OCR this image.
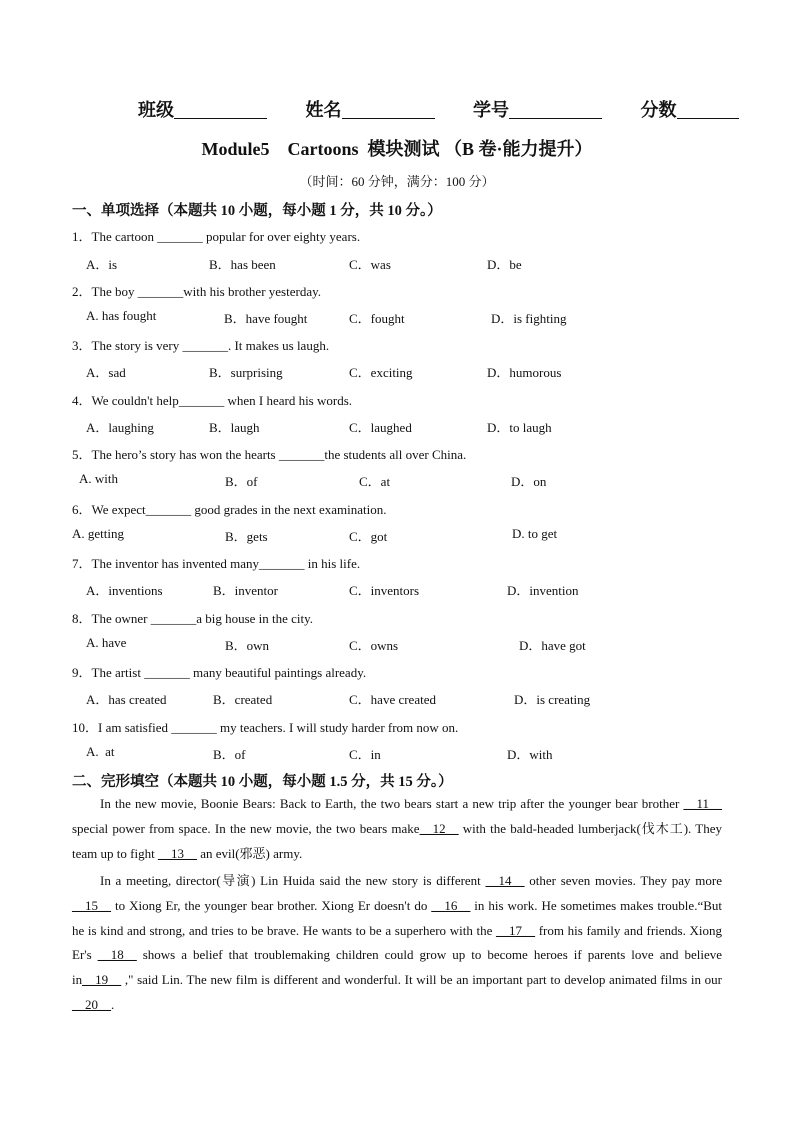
班级	姓名	学号	分数
Module5    Cartoons  模块测试 （B 卷·能力提升）
（时间：60 分钟，满分：100 分）
一、单项选择（本题共 10 小题，每小题 1 分，共 10 分。）
1．The cartoon _______ popular for over eighty years.
A．is	B．has been	C．was	D．be
2．The boy _______with his brother yesterday.
A. has fought	B．have fought	C．fought	D．is fighting
3．The story is very _______. It makes us laugh.
A．sad	B．surprising	C．exciting	D．humorous
4．We couldn't help_______ when I heard his words.
A．laughing	B．laugh	C．laughed	D．to laugh
5．The hero’s story has won the hearts _______the students all over China.
A. with	B．of	C．at	D．on
6．We expect_______ good grades in the next examination.
A. getting	B．gets	C．got	D. to get
7．The inventor has invented many_______ in his life.
A．inventions	B．inventor	C．inventors	D．invention
8．The owner _______a big house in the city.
A. have	B．own	C．owns	D．have got
9．The artist _______ many beautiful paintings already.
A．has created	B．created	C．have created	D．is creating
10．I am satisfied _______ my teachers. I will study harder from now on.
A.  at	B．of	C．in	D．with
二、完形填空（本题共 10 小题，每小题 1.5 分，共 15 分。）
In the new movie, Boonie Bears: Back to Earth, the two bears start a new trip after the younger bear brother __11__ special power from space. In the new movie, the two bears make__12__ with the bald-headed lumberjack(伐木工). They team up to fight __13__ an evil(邪恶) army.
In a meeting, director(导演) Lin Huida said the new story is different __14__ other seven movies. They pay more __15__ to Xiong Er, the younger bear brother. Xiong Er doesn't do __16__ in his work. He sometimes makes trouble.“But he is kind and strong, and tries to be brave. He wants to be a superhero with the __17__ from his family and friends. Xiong Er's __18__ shows a belief that troublemaking children could grow up to become heroes if parents love and believe in__19__ ," said Lin. The new film is different and wonderful. It will be an important part to develop animated films in our __20__.
